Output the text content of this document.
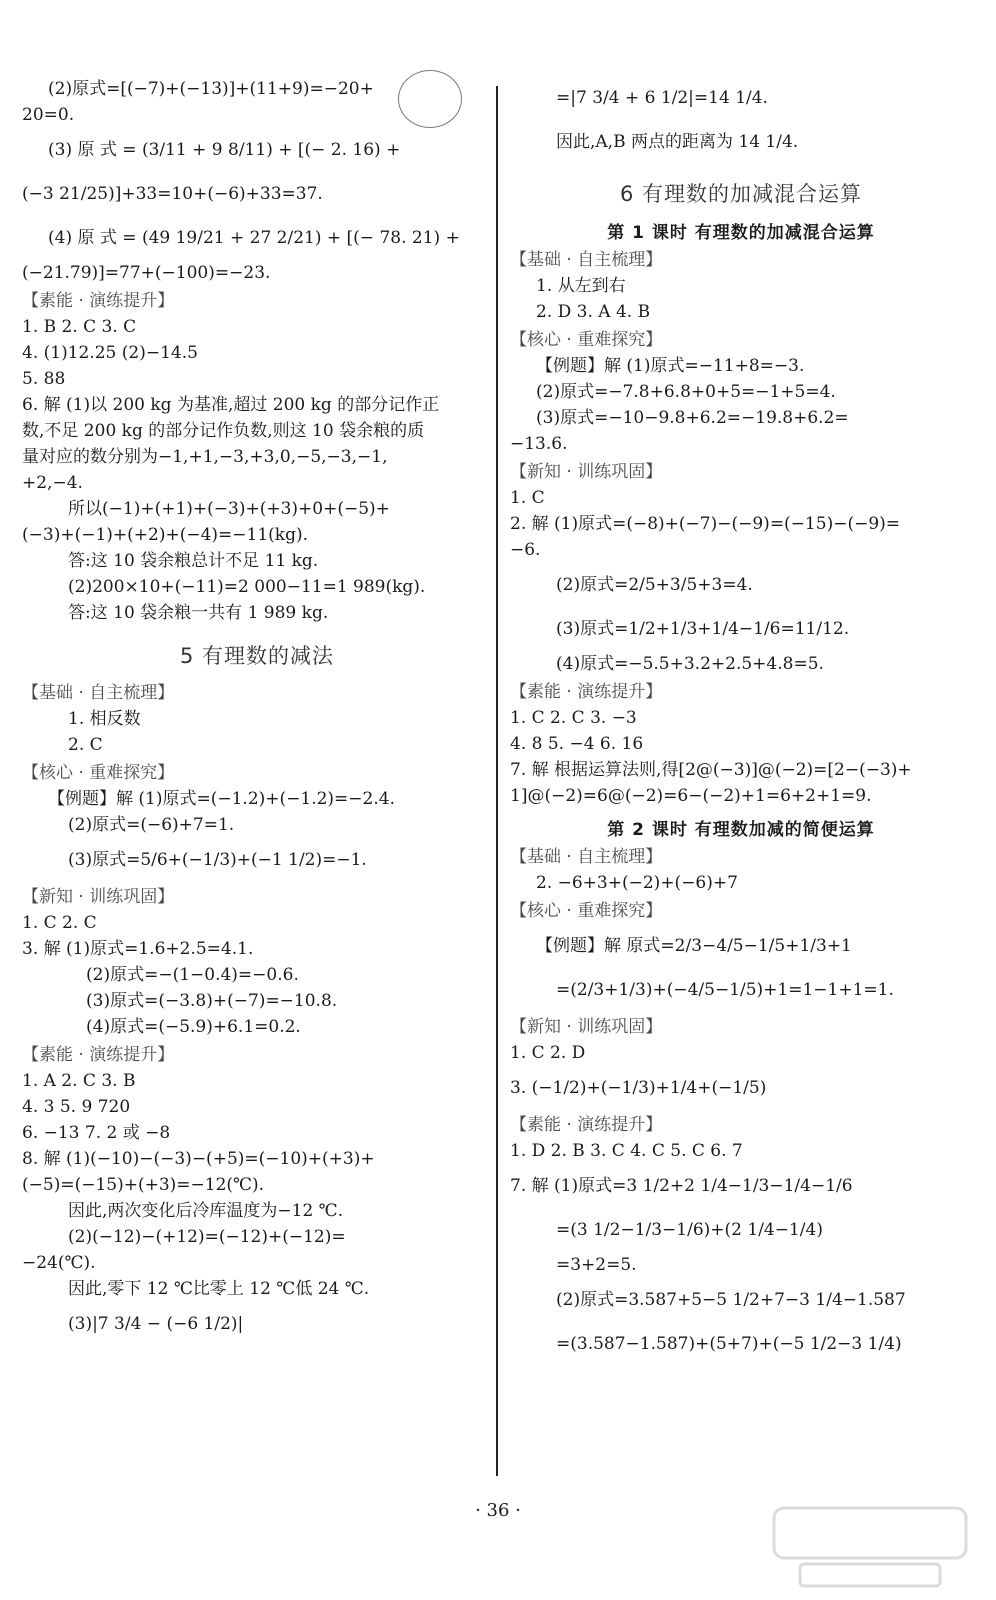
(2)原式=[(−7)+(−13)]+(11+9)=−20+
20=0.
(3) 原 式 = (3/11 + 9 8/11) + [(− 2. 16) +
(−3 21/25)]+33=10+(−6)+33=37.
(4) 原 式 = (49 19/21 + 27 2/21) + [(− 78. 21) +
(−21.79)]=77+(−100)=−23.
【素能 · 演练提升】
1. B 2. C 3. C
4. (1)12.25 (2)−14.5
5. 88
6. 解 (1)以 200 kg 为基准,超过 200 kg 的部分记作正
数,不足 200 kg 的部分记作负数,则这 10 袋余粮的质
量对应的数分别为−1,+1,−3,+3,0,−5,−3,−1,
+2,−4.
所以(−1)+(+1)+(−3)+(+3)+0+(−5)+
(−3)+(−1)+(+2)+(−4)=−11(kg).
答:这 10 袋余粮总计不足 11 kg.
(2)200×10+(−11)=2 000−11=1 989(kg).
答:这 10 袋余粮一共有 1 989 kg.
5 有理数的减法
【基础 · 自主梳理】
1. 相反数
2. C
【核心 · 重难探究】
【例题】解 (1)原式=(−1.2)+(−1.2)=−2.4.
(2)原式=(−6)+7=1.
(3)原式=5/6+(−1/3)+(−1 1/2)=−1.
【新知 · 训练巩固】
1. C 2. C
3. 解 (1)原式=1.6+2.5=4.1.
(2)原式=−(1−0.4)=−0.6.
(3)原式=(−3.8)+(−7)=−10.8.
(4)原式=(−5.9)+6.1=0.2.
【素能 · 演练提升】
1. A 2. C 3. B
4. 3 5. 9 720
6. −13 7. 2 或 −8
8. 解 (1)(−10)−(−3)−(+5)=(−10)+(+3)+
(−5)=(−15)+(+3)=−12(℃).
因此,两次变化后冷库温度为−12 ℃.
(2)(−12)−(+12)=(−12)+(−12)=
−24(℃).
因此,零下 12 ℃比零上 12 ℃低 24 ℃.
(3)|7 3/4 − (−6 1/2)|
=|7 3/4 + 6 1/2|=14 1/4.
因此,A,B 两点的距离为 14 1/4.
6 有理数的加减混合运算
第 1 课时 有理数的加减混合运算
【基础 · 自主梳理】
1. 从左到右
2. D 3. A 4. B
【核心 · 重难探究】
【例题】解 (1)原式=−11+8=−3.
(2)原式=−7.8+6.8+0+5=−1+5=4.
(3)原式=−10−9.8+6.2=−19.8+6.2=
−13.6.
【新知 · 训练巩固】
1. C
2. 解 (1)原式=(−8)+(−7)−(−9)=(−15)−(−9)=
−6.
(2)原式=2/5+3/5+3=4.
(3)原式=1/2+1/3+1/4−1/6=11/12.
(4)原式=−5.5+3.2+2.5+4.8=5.
【素能 · 演练提升】
1. C 2. C 3. −3
4. 8 5. −4 6. 16
7. 解 根据运算法则,得[2@(−3)]@(−2)=[2−(−3)+
1]@(−2)=6@(−2)=6−(−2)+1=6+2+1=9.
第 2 课时 有理数加减的简便运算
【基础 · 自主梳理】
2. −6+3+(−2)+(−6)+7
【核心 · 重难探究】
【例题】解 原式=2/3−4/5−1/5+1/3+1
=(2/3+1/3)+(−4/5−1/5)+1=1−1+1=1.
【新知 · 训练巩固】
1. C 2. D
3. (−1/2)+(−1/3)+1/4+(−1/5)
【素能 · 演练提升】
1. D 2. B 3. C 4. C 5. C 6. 7
7. 解 (1)原式=3 1/2+2 1/4−1/3−1/4−1/6
=(3 1/2−1/3−1/6)+(2 1/4−1/4)
=3+2=5.
(2)原式=3.587+5−5 1/2+7−3 1/4−1.587
=(3.587−1.587)+(5+7)+(−5 1/2−3 1/4)
· 36 ·
